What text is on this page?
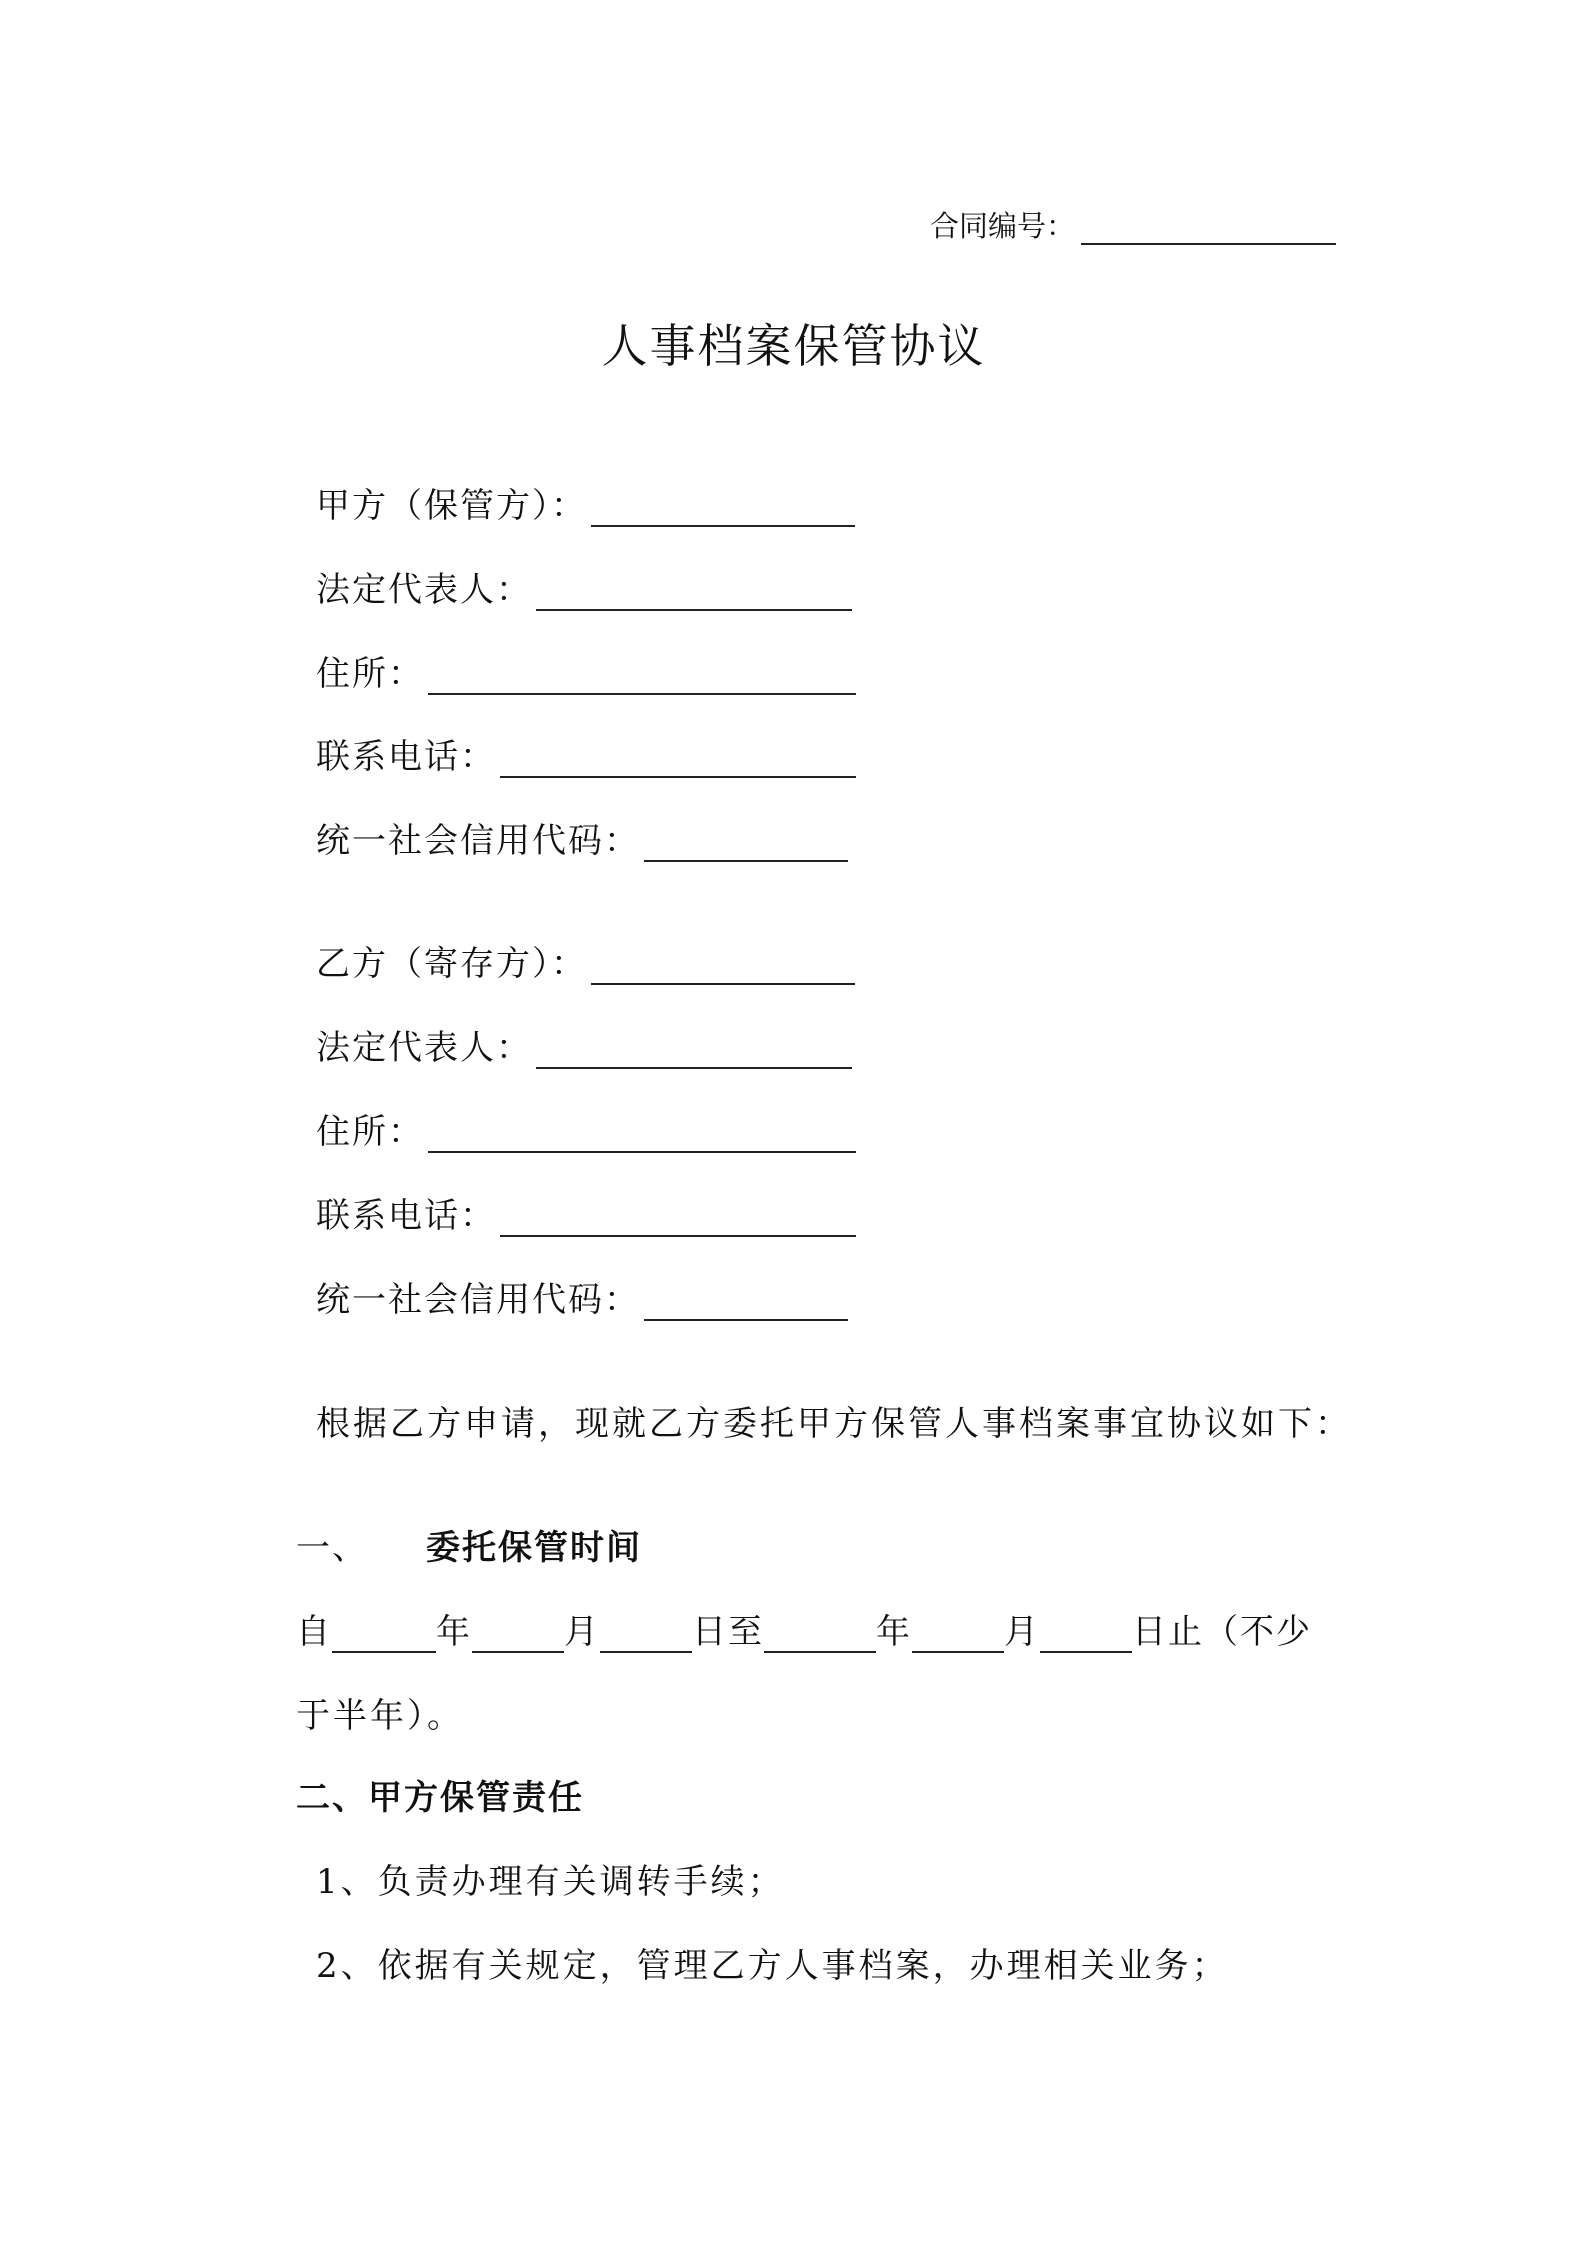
合同编号：
人事档案保管协议
甲方（保管方）：
法定代表人：
住所：
联系电话：
统一社会信用代码：
乙方（寄存方）：
法定代表人：
住所：
联系电话：
统一社会信用代码：
根据乙方申请，现就乙方委托甲方保管人事档案事宜协议如下：
一、 委托保管时间
自	年	月	日至	年	月	日止（不少
于半年）。
二、甲方保管责任
1、负责办理有关调转手续；
2、依据有关规定，管理乙方人事档案，办理相关业务；
